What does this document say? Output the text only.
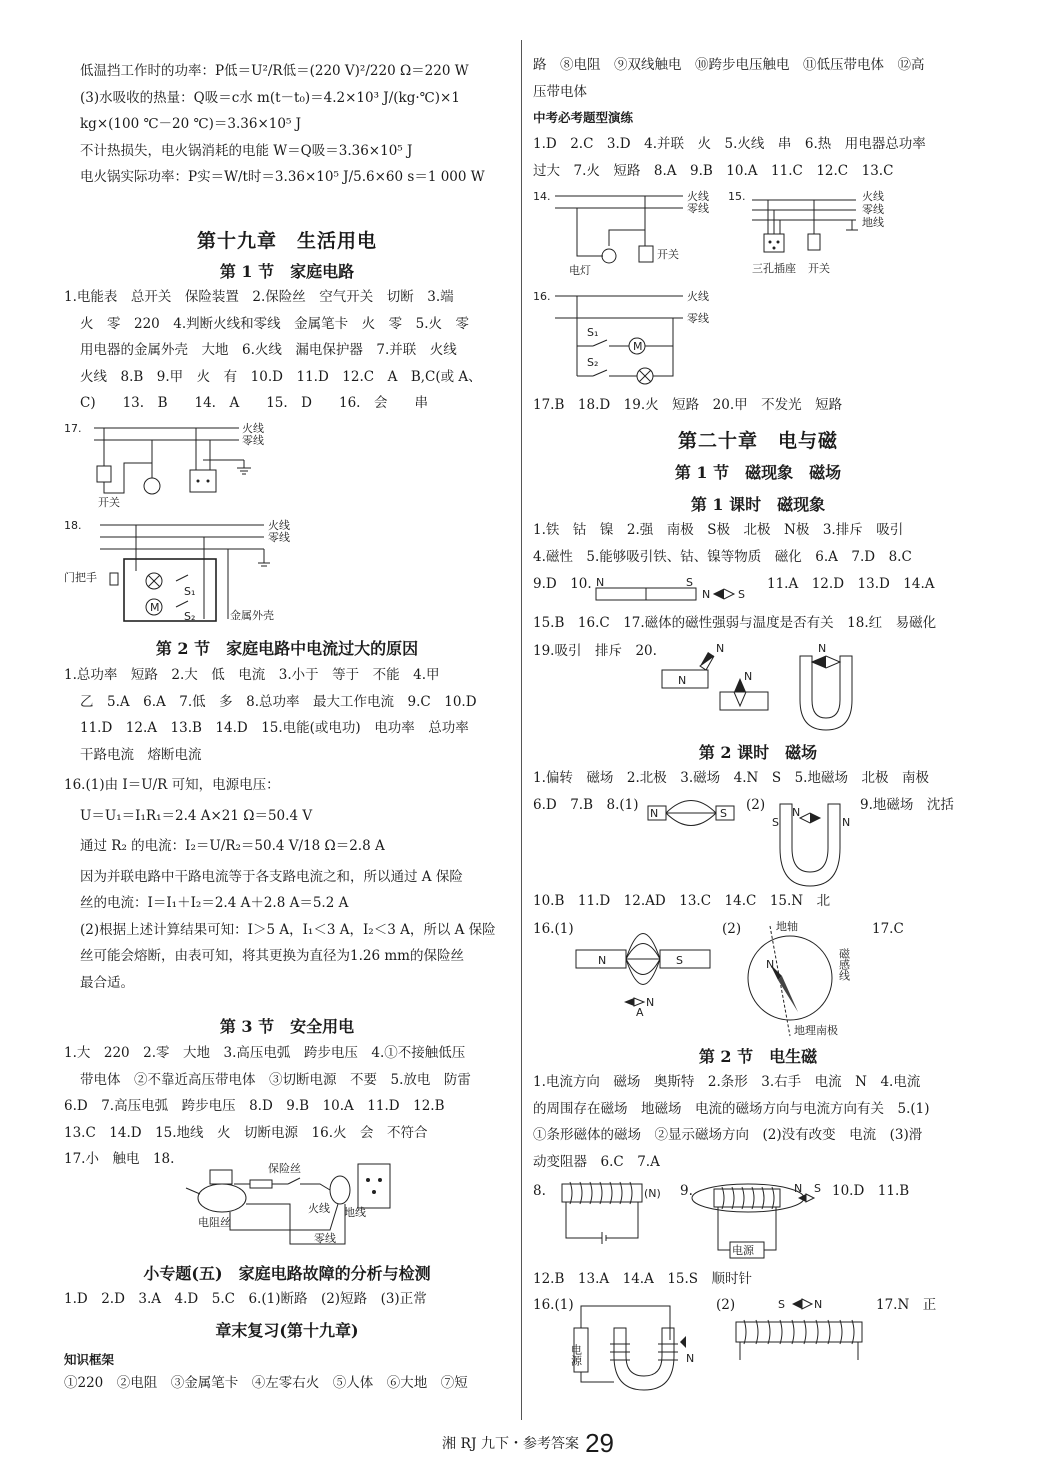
低温挡工作时的功率：P低＝U²/R低＝(220 V)²/220 Ω＝220 W
(3)水吸收的热量：Q吸＝c水 m(t－t₀)＝4.2×10³ J/(kg·℃)×1
kg×(100 ℃－20 ℃)＝3.36×10⁵ J
不计热损失，电火锅消耗的电能 W＝Q吸＝3.36×10⁵ J
电火锅实际功率：P实＝W/t时＝3.36×10⁵ J/5.6×60 s＝1 000 W
第十九章　生活用电
第 1 节　家庭电路
1.电能表　总开关　保险装置　2.保险丝　空气开关　切断　3.端
火　零　220　4.判断火线和零线　金属笔卡　火　零　5.火　零
用电器的金属外壳　大地　6.火线　漏电保护器　7.并联　火线
火线　8.B　9.甲　火　有　10.D　11.D　12.C　A　B,C(或 A、
C)　　13.　B　　14.　A　　15.　D　　16.　会　　串
17.	火线
零线
开关
18.	火线
零线
门把手
M
S₁
S₂	金属外壳
第 2 节　家庭电路中电流过大的原因
1.总功率　短路　2.大　低　电流　3.小于　等于　不能　4.甲
乙　5.A　6.A　7.低　多　8.总功率　最大工作电流　9.C　10.D
11.D　12.A　13.B　14.D　15.电能(或电功)　电功率　总功率
干路电流　熔断电流
16.(1)由 I＝U/R 可知，电源电压：
U＝U₁＝I₁R₁＝2.4 A×21 Ω＝50.4 V
通过 R₂ 的电流：I₂＝U/R₂＝50.4 V/18 Ω＝2.8 A
因为并联电路中干路电流等于各支路电流之和，所以通过 A 保险
丝的电流：I＝I₁＋I₂＝2.4 A＋2.8 A＝5.2 A
(2)根据上述计算结果可知：I＞5 A，I₁＜3 A，I₂＜3 A，所以 A 保险
丝可能会熔断，由表可知，将其更换为直径为1.26 mm的保险丝
最合适。
第 3 节　安全用电
1.大　220　2.零　大地　3.高压电弧　跨步电压　4.①不接触低压
带电体　②不靠近高压带电体　③切断电源　不要　5.放电　防雷
6.D　7.高压电弧　跨步电压　8.D　9.B　10.A　11.D　12.B
13.C　14.D　15.地线　火　切断电源　16.火　会　不符合
17.小　触电　18.
保险丝
电阻丝
火线 地线
零线
小专题(五)　家庭电路故障的分析与检测
1.D　2.D　3.A　4.D　5.C　6.(1)断路　(2)短路　(3)正常
章末复习(第十九章)
知识框架
①220　②电阻　③金属笔卡　④左零右火　⑤人体　⑥大地　⑦短
路　⑧电阻　⑨双线触电　⑩跨步电压触电　⑪低压带电体　⑫高
压带电体
中考必考题型演练
1.D　2.C　3.D　4.并联　火　5.火线　串　6.热　用电器总功率
过大　7.火　短路　8.A　9.B　10.A　11.C　12.C　13.C
14.	火线
零线
电灯
开关
15.	火线
零线
地线
三孔插座 开关
16.	火线
零线
S₁
M
S₂
17.B　18.D　19.火　短路　20.甲　不发光　短路
第二十章　电与磁
第 1 节　磁现象　磁场
第 1 课时　磁现象
1.铁　钴　镍　2.强　南极　S极　北极　N极　3.排斥　吸引
4.磁性　5.能够吸引铁、钴、镍等物质　磁化　6.A　7.D　8.C
9.D　10. N	S
N	S
11.A　12.D　13.D　14.A
15.B　16.C　17.磁体的磁性强弱与温度是否有关　18.红　易磁化
19.吸引　排斥　20.
N
N
N
N
第 2 课时　磁场
1.偏转　磁场　2.北极　3.磁场　4.N　S　5.地磁场　北极　南极
6.D　7.B　8.(1)
N	S
(2)
S	N
N	9.地磁场　沈括
10.B　11.D　12.AD　13.C　14.C　15.N　北
16.(1)
N	S
N
A
(2)	地轴
N	磁感线
地理南极
17.C
第 2 节　电生磁
1.电流方向　磁场　奥斯特　2.条形　3.右手　电流　N　4.电流
的周围存在磁场　地磁场　电流的磁场方向与电流方向有关　5.(1)
①条形磁体的磁场　②显示磁场方向　(2)没有改变　电流　(3)滑
动变阻器　6.C　7.A
8.	(N) 9.	N S
电源
10.D　11.B
12.B　13.A　14.A　15.S　顺时针
16.(1)
电源	N
(2)	S	N	17.N　正
湘 RJ 九下・参考答案 29
